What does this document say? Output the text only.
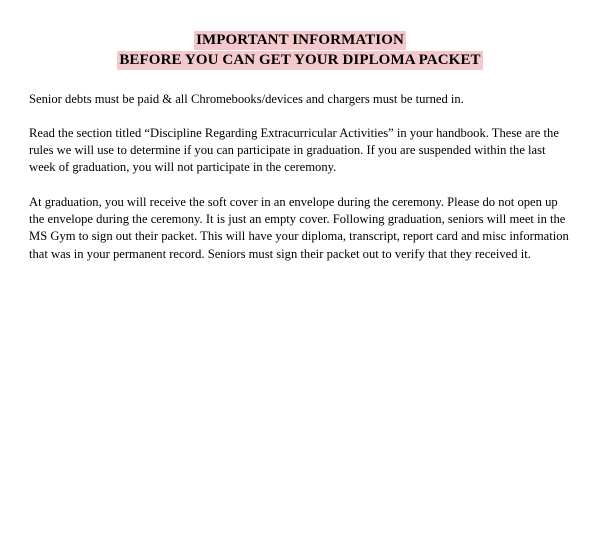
IMPORTANT INFORMATION
BEFORE YOU CAN GET YOUR DIPLOMA PACKET

Senior debts must be paid & all Chromebooks/devices and chargers must be turned in.

Read the section titled “Discipline Regarding Extracurricular Activities” in your handbook. These are the rules we will use to determine if you can participate in graduation. If you are suspended within the last week of graduation, you will not participate in the ceremony.

At graduation, you will receive the soft cover in an envelope during the ceremony. Please do not open up the envelope during the ceremony. It is just an empty cover. Following graduation, seniors will meet in the MS Gym to sign out their packet. This will have your diploma, transcript, report card and misc information that was in your permanent record. Seniors must sign their packet out to verify that they received it.
